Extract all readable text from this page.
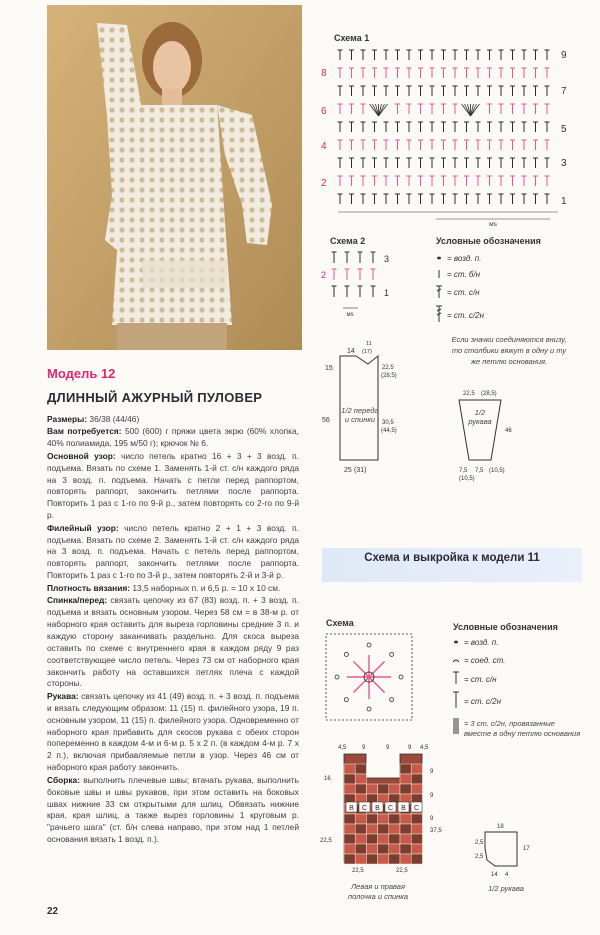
Модель 12
ДЛИННЫЙ АЖУРНЫЙ ПУЛОВЕР

Размеры: 36/38 (44/46)

Вам потребуется: 500 (600) г пряжи цвета экрю (60% хлопка, 40% полиамида, 195 м/50 г); крючок № 6.

Основной узор: число петель кратно 16 + 3 + 3 возд. п. подъема. Вязать по схеме 1. Заменять 1-й ст. с/н каждого ряда на 3 возд. п. подъема. Начать с петли перед раппортом, повторять раппорт, закончить петлями после раппорта. Повторить 1 раз с 1-го по 9-й р., затем повторять со 2-го по 9-й р.

Филейный узор: число петель кратно 2 + 1 + 3 возд. п. подъема. Вязать по схеме 2. Заменять 1-й ст. с/н каждого ряда на 3 возд. п. подъема. Начать с петель перед раппортом, повторять раппорт, закончить петлями после раппорта. Повторить 1 раз с 1-го по 3-й р., затем повторять 2-й и 3-й р.

Плотность вязания: 13,5 наборных п. и 6,5 р. = 10 х 10 см.

Спинка/перед: связать цепочку из 67 (83) возд. п. + 3 возд. п. подъема и вязать основным узором. Через 58 см = в 38-м р. от наборного края оставить для выреза горловины средние 3 п. и каждую сторону заканчивать раздельно. Для скоса выреза оставить по схеме с внутреннего края в каждом ряду 9 раз соответствующее число петель. Через 73 см от наборного края закончить работу на оставшихся петлях плеча с каждой стороны.

Рукава: связать цепочку из 41 (49) возд. п. + 3 возд. п. подъема и вязать следующим образом: 11 (15) п. филейного узора, 19 п. основным узором, 11 (15) п. филейного узора. Одновременно от наборного края прибавить для скосов рукава с обеих сторон попеременно в каждом 4-м и 6-м р. 5 х 2 п. (в каждом 4-м р. 7 х 2 п.), включая прибавляемые петли в узор. Через 46 см от наборного края работу закончить.

Сборка: выполнить плечевые швы; втачать рукава, выполнить боковые швы и швы рукавов, при этом оставить на боковых швах нижние 33 см открытыми для шлиц. Обвязать нижние края, края шлиц, а также вырез горловины 1 круговым р. "рачьего шага" (ст. б/н слева направо, при этом над 1 петлей основания вязать 1 возд. п.).

22
Схема 1
мs
9
7
5
3
1
8
6
4
2
Схема 2
3
2
1
мs
Условные обозначения
= возд. п.
= ст. б/н
= ст. с/н
= ст. с/2н
Если значки соединяются внизу, то столбики вяжут в одну и ту же петлю основания.
14
11
(17)
15	22,5
(28,5)
56	30,5
(44,5)
25 (31)
1/2 переда и спинки
22,5 (28,5)
46
7,5
(10,5)
7,5 (10,5)
1/2 рукава
Схема и выкройка к модели 11
Схема	Условные обозначения
= возд. п.
= соед. ст.
= ст. с/н
= ст. с/2н
= 3 ст. с/2н, провязанные вместе в одну петлю основания
B C B C B C
4,5	9	9	9 4,5
16
9
9
9
22,5
37,5
22,5	22,5
Левая и правая полочка и спинка
18
2,5
17
2,5
14 4
1/2 рукава
